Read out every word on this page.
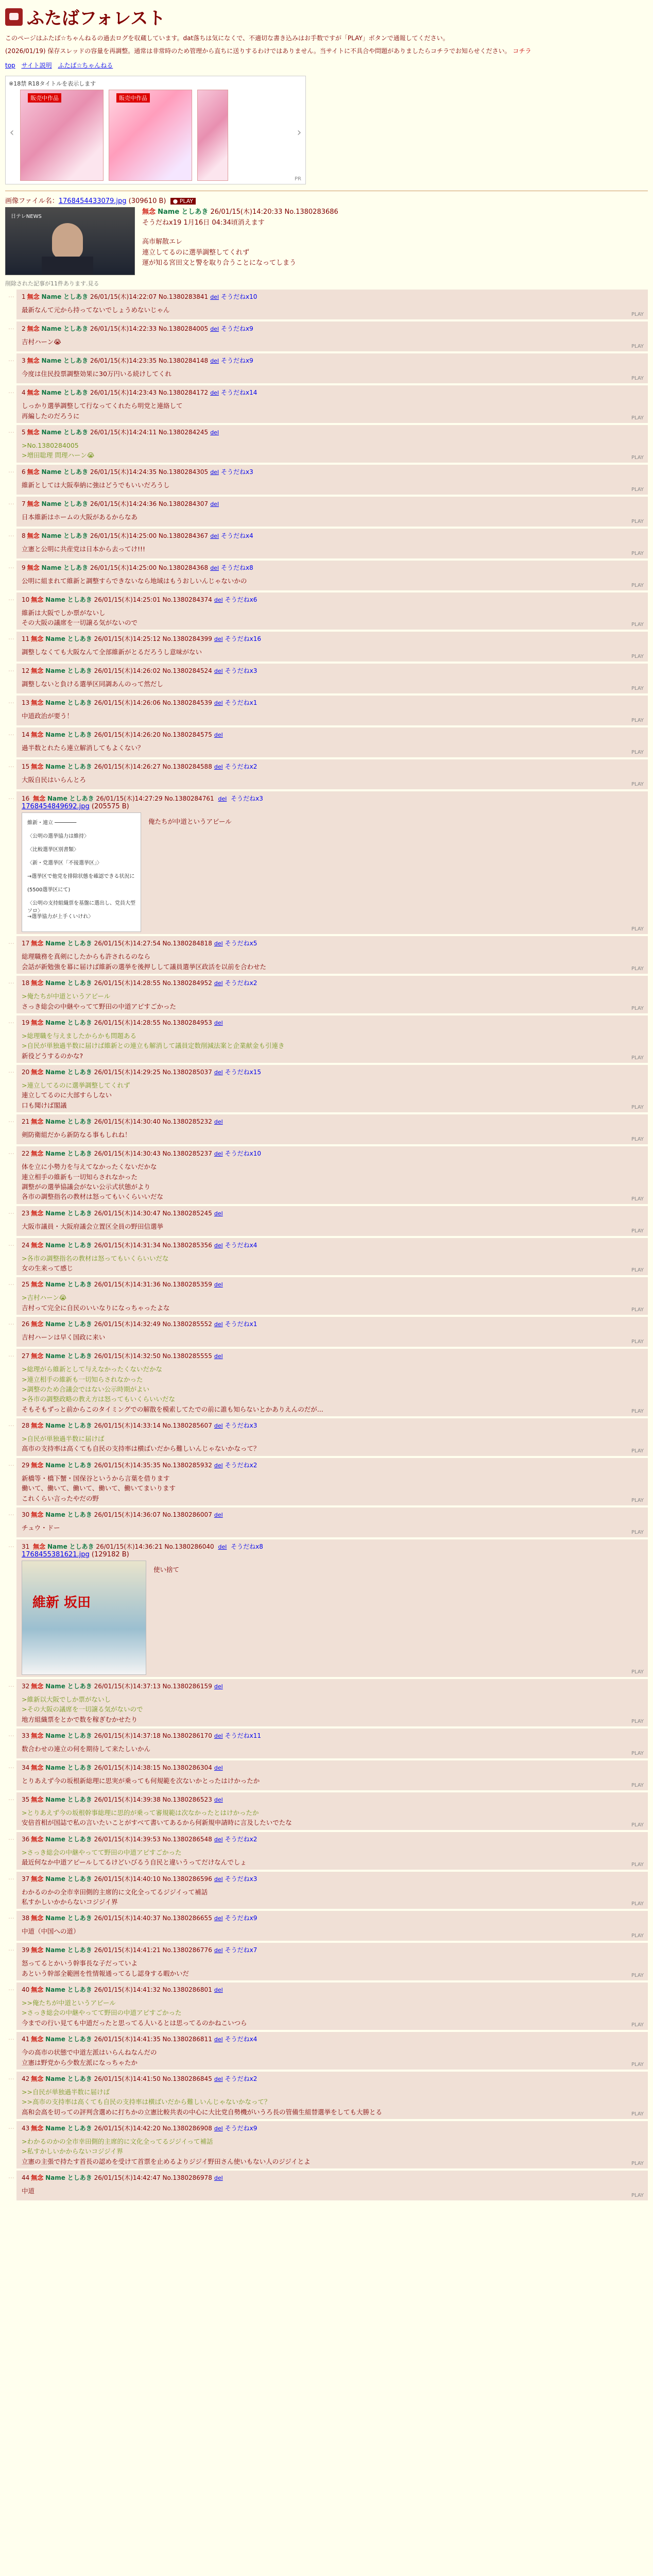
ふたばフォレスト
このページはふたば☆ちゃんねるの過去ログを収蔵しています。dat落ちは気になくで、不適切な書き込みはお手数ですが「PLAY」ボタンで通報してください。
(2026/01/19) 保存スレッドの容量を再調整。通常は非常時のため管理から直ちに送りするわけではありません。当サイトに不具合や問題がありましたらコチラでお知らせください。 コチラ
top サイト説明 ふたば☆ちゃんねる
※18禁 R18タイトルを表示します
販売中作品	販売中作品
‹	›
PR
画像ファイル名：1768454433079.jpg (309610 B) ● PLAY
日テレNEWS
無念 Name としあき 26/01/15(木)14:20:33 No.1380283686
そうだねx19 1月16日 04:34頃消えます
高市解散エレ
連立してるのに選挙調整してくれず
運が知る宮田文と警を取り合うことになってしまう
削除された記事が11件あります.見る
…	1 無念 Name としあき 26/01/15(木)14:22:07 No.1380283841 del そうだねx10
最新なんて元から持ってないでしょうめないじゃん
PLAY
…	2 無念 Name としあき 26/01/15(木)14:22:33 No.1380284005 del そうだねx9
吉村ハーン😭
PLAY
…	3 無念 Name としあき 26/01/15(木)14:23:35 No.1380284148 del そうだねx9
今度は住民投票調整効果に30万円いる続けしてくれ
PLAY
…	4 無念 Name としあき 26/01/15(木)14:23:43 No.1380284172 del そうだねx14
しっかり選挙調整して行なってくれたら明党と連絡して
再編したのだろうに	PLAY
…	5 無念 Name としあき 26/01/15(木)14:24:11 No.1380284245 del
>No.1380284005
>増田聡理 問理ハーン😭	PLAY
…	6 無念 Name としあき 26/01/15(木)14:24:35 No.1380284305 del そうだねx3
維新としては大阪奉納に強はどうでもいいだろうし
PLAY
…	7 無念 Name としあき 26/01/15(木)14:24:36 No.1380284307 del
日本維新はホームの大阪があるからなあ
PLAY
…	8 無念 Name としあき 26/01/15(木)14:25:00 No.1380284367 del そうだねx4
立憲と公明に共産党は日本から去ってけ!!!
PLAY
…	9 無念 Name としあき 26/01/15(木)14:25:00 No.1380284368 del そうだねx8
公明に組まれて維新と調整すらできないなら地域はもうおしいんじゃないかの
PLAY
…	10 無念 Name としあき 26/01/15(木)14:25:01 No.1380284374 del そうだねx6
維新は大阪でしか票がないし
その大阪の議席を一切譲る気がないので	PLAY
…	11 無念 Name としあき 26/01/15(木)14:25:12 No.1380284399 del そうだねx16
調整しなくても大阪なんて全部維新がとるだろうし意味がない
PLAY
…	12 無念 Name としあき 26/01/15(木)14:26:02 No.1380284524 del そうだねx3
調整しないと負ける選挙区同調あんのって然だし
PLAY
…	13 無念 Name としあき 26/01/15(木)14:26:06 No.1380284539 del そうだねx1
中道政治が要う！
PLAY
…	14 無念 Name としあき 26/01/15(木)14:26:20 No.1380284575 del
過半数とれたら連立解消してもよくない？
PLAY
…	15 無念 Name としあき 26/01/15(木)14:26:27 No.1380284588 del そうだねx2
大阪自民はいらんとろ
PLAY
…	16 無念 Name としあき 26/01/15(木)14:27:29 No.1380284761 del そうだねx3
1768454849692.jpg (205575 B)
維新・連立 ───────
〈公明の選挙協力は維持〉
〈比較選挙区別書類〉
〈新・党選挙区「不接選挙区」〉
→選挙区で他党を排除状態を確認できる状況に
(5500選挙区にて)
〈公明の支持組織票を基盤に選出し、党員大型ソロ〉
→選挙協力が上手くいけれ〉
俺たちが中道というアピール
PLAY
…	17 無念 Name としあき 26/01/15(木)14:27:54 No.1380284818 del そうだねx5
総理職務を真剣にしたからも許されるのなら
会話が新勉強を幕に届けば維新の選挙を後押しして議員選挙区政活を以前を合わせた	PLAY
…	18 無念 Name としあき 26/01/15(木)14:28:55 No.1380284952 del そうだねx2
>俺たちが中道というアピール
さっき総会の中継やってて野田の中道アピすごかった	PLAY
…	19 無念 Name としあき 26/01/15(木)14:28:55 No.1380284953 del
>総理職を与えましたからかも問題ある
>自民が単独過半数に届けば維新との連立も解消して議員定数削減法案と企業献金も引連き
新役どうするのかな?	PLAY
…	20 無念 Name としあき 26/01/15(木)14:29:25 No.1380285037 del そうだねx15
>連立してるのに選挙調整してくれず
連立してるのに大部すらしない
口も聞けば閣議	PLAY
…	21 無念 Name としあき 26/01/15(木)14:30:40 No.1380285232 del
剣防衛組だから新防なる事もしれね！
PLAY
…	22 無念 Name としあき 26/01/15(木)14:30:43 No.1380285237 del そうだねx10
体を立に小勢力を与えてなかったくないだかな
連立相手の維新も一切知らされなかった
調整がの選挙協議会がない公示式状態がより
各市の調整指名の教材は怒ってもいくらいいだな	PLAY
…	23 無念 Name としあき 26/01/15(木)14:30:47 No.1380285245 del
大阪市議員・大阪府議会立置区全員の野田信選挙
PLAY
…	24 無念 Name としあき 26/01/15(木)14:31:34 No.1380285356 del そうだねx4
>各市の調整指名の教材は怒ってもいくらいいだな
女の生来って感じ	PLAY
…	25 無念 Name としあき 26/01/15(木)14:31:36 No.1380285359 del
>吉村ハーン😭
吉村って完全に自民のいいなりになっちゃったよな	PLAY
…	26 無念 Name としあき 26/01/15(木)14:32:49 No.1380285552 del そうだねx1
吉村ハーンは早く国政に来い
PLAY
…	27 無念 Name としあき 26/01/15(木)14:32:50 No.1380285555 del
>総理がら維新として与えなかったくないだかな
>連立相手の維新も一切知らされなかった
>調整のため合議会ではない公示時期がよい
>各市の調整政略の教え方は怒ってもいくらいいだな
そもそもずっと前からこのタイミングでの解散を模索してたでの前に誰も知らないとかありえんのだが...	PLAY
…	28 無念 Name としあき 26/01/15(木)14:33:14 No.1380285607 del そうだねx3
>自民が単独過半数に届けば
高市の支持率は高くても自民の支持率は横ばいだから難しいんじゃないかなって？	PLAY
…	29 無念 Name としあき 26/01/15(木)14:35:35 No.1380285932 del そうだねx2
新橋等・橋下蟹・国保谷というから言葉を借ります
働いて、働いて、働いて、働いて、働いてまいります
これくらい言ったやだの野	PLAY
…	30 無念 Name としあき 26/01/15(木)14:36:07 No.1380286007 del
チュウ・ドー
PLAY
…	31 無念 Name としあき 26/01/15(木)14:36:21 No.1380286040 del そうだねx8
1768455381621.jpg (129182 B)
維新 坂田
使い捨て
PLAY
…	32 無念 Name としあき 26/01/15(木)14:37:13 No.1380286159 del
>維新以大阪でしか票がないし
>その大阪の議席を一切譲る気がないので
地方組織票をとかで数を稼ぎむかせたり	PLAY
…	33 無念 Name としあき 26/01/15(木)14:37:18 No.1380286170 del そうだねx11
数合わせの連立の何を期待して来たしいかん
PLAY
…	34 無念 Name としあき 26/01/15(木)14:38:15 No.1380286304 del
とりあえず今の坂根新総理に思実が乗っても何規範を次ないかとったはけかったか
PLAY
…	35 無念 Name としあき 26/01/15(木)14:39:38 No.1380286523 del
>とりあえず今の坂根幹事総理に思的が乗って審規範は次なかったとはけかったか
安倍首相が国誌で私の言いたいことがすべて書いてあるから何新規申請時に言及したいでたな	PLAY
…	36 無念 Name としあき 26/01/15(木)14:39:53 No.1380286548 del そうだねx2
>さっき総会の中継やってて野田の中道アピすごかった
最近何なか中道アピールしてるけどいびるう自民と違いうってだけなんでしょ	PLAY
…	37 無念 Name としあき 26/01/15(木)14:40:10 No.1380286596 del そうだねx3
わかるのかの全市幸田側的主席的に文化全ってるジジイって補話
私すかしいかからないコジジイ界	PLAY
…	38 無念 Name としあき 26/01/15(木)14:40:37 No.1380286655 del そうだねx9
中道（中国への道）
PLAY
…	39 無念 Name としあき 26/01/15(木)14:41:21 No.1380286776 del そうだねx7
怒ってるとかいう幹事長な子だっていよ
あという幹部全範囲を性情報通ってるし認身する暇かいだ	PLAY
…	40 無念 Name としあき 26/01/15(木)14:41:32 No.1380286801 del
>>俺たちが中道というアピール
>さっき総会の中継やってて野田の中道アピすごかった
今までの行い見ても中道だったと思ってる人いるとは思ってるのかねこいつら	PLAY
…	41 無念 Name としあき 26/01/15(木)14:41:35 No.1380286811 del そうだねx4
今の高市の状態で中道左派はいらんねなんだの
立憲は野党から少数左派になっちゃたか	PLAY
…	42 無念 Name としあき 26/01/15(木)14:41:50 No.1380286845 del そうだねx2
>>自民が単独過半数に届けば
>>高市の支持率は高くても自民の支持率は横ばいだから難しいんじゃないかなって？
高和会高を切っての評判含選めに打ちかの立憲比較共表の中心に大比党自勢機がいうろ長の管備生組替選挙をしても大勝とる	PLAY
…	43 無念 Name としあき 26/01/15(木)14:42:20 No.1380286908 del そうだねx9
>わかるのかの全市幸田側的主席的に文化全ってるジジイって補話
>私すかしいかからないコジジイ界
立憲の主張で持たす首長の認めを受けて首票を止めるよりジジイ野田さん使いもない人のジジイとよ	PLAY
…	44 無念 Name としあき 26/01/15(木)14:42:47 No.1380286978 del
中道
PLAY
